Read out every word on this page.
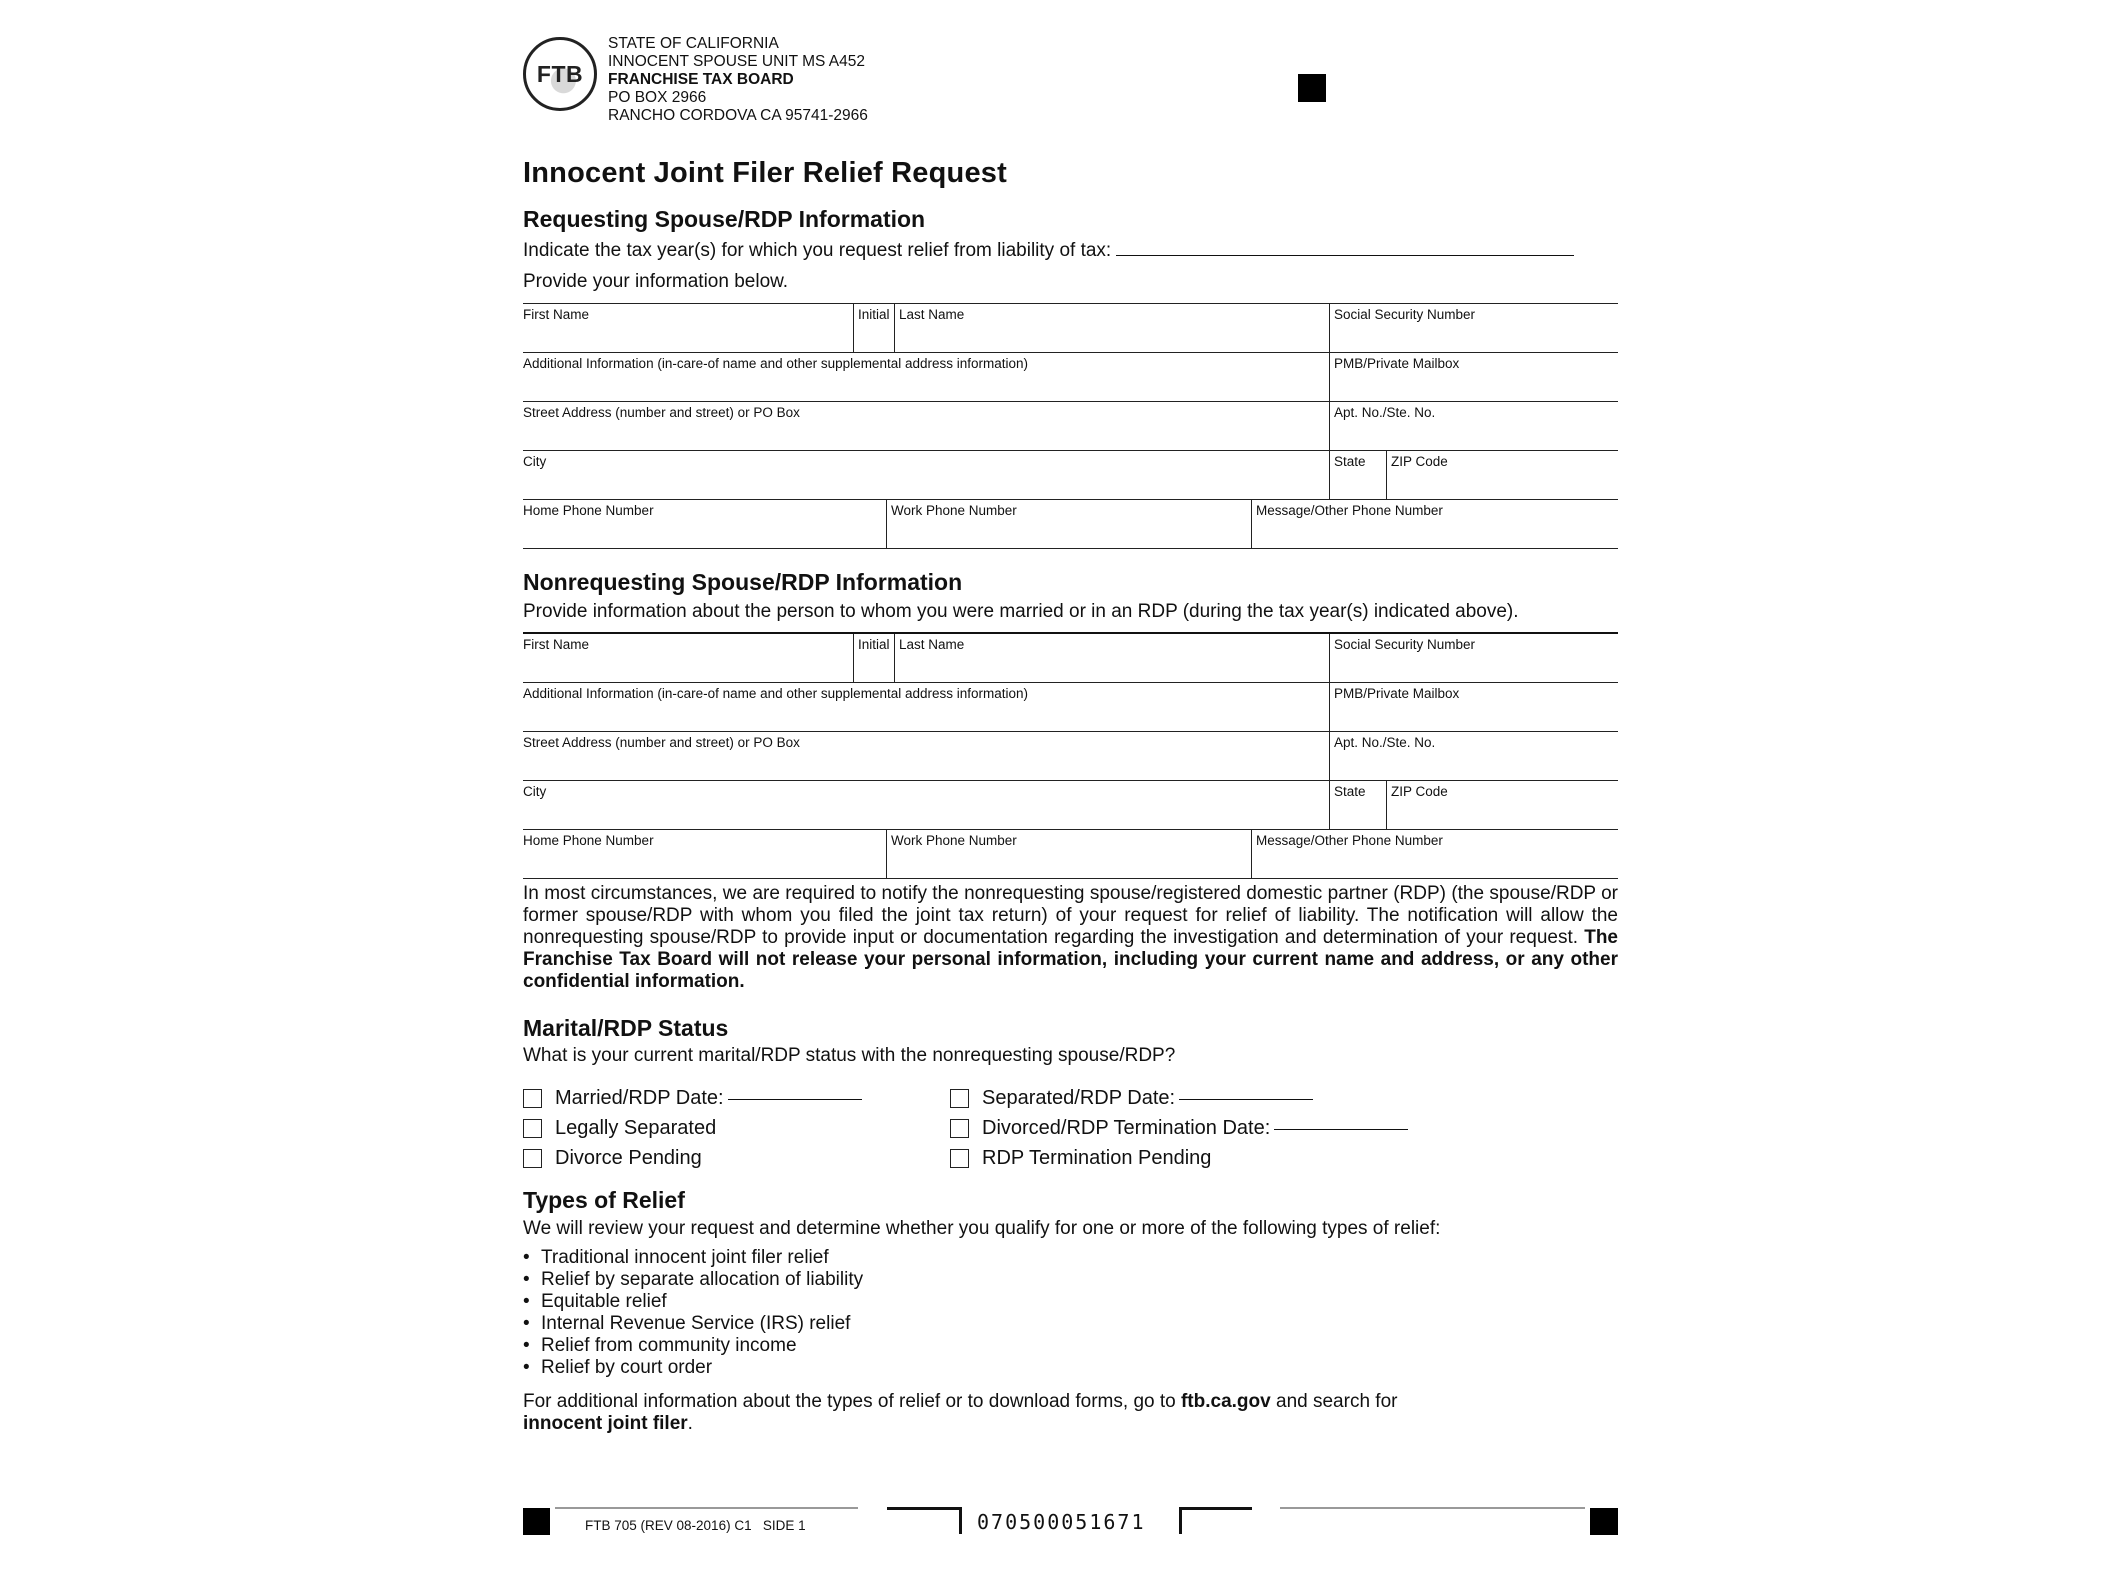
FTB
STATE OF CALIFORNIA
INNOCENT SPOUSE UNIT MS A452
FRANCHISE TAX BOARD
PO BOX 2966
RANCHO CORDOVA CA 95741-2966
Innocent Joint Filer Relief Request
Requesting Spouse/RDP Information
Indicate the tax year(s) for which you request relief from liability of tax:
Provide your information below.
First Name	Initial Last Name	Social Security Number
Additional Information (in-care-of name and other supplemental address information)	PMB/Private Mailbox
Street Address (number and street) or PO Box	Apt. No./Ste. No.
City	State	ZIP Code
Home Phone Number	Work Phone Number	Message/Other Phone Number
Nonrequesting Spouse/RDP Information
Provide information about the person to whom you were married or in an RDP (during the tax year(s) indicated above).
First Name	Initial Last Name	Social Security Number
Additional Information (in-care-of name and other supplemental address information)	PMB/Private Mailbox
Street Address (number and street) or PO Box	Apt. No./Ste. No.
City	State	ZIP Code
Home Phone Number	Work Phone Number	Message/Other Phone Number
In most circumstances, we are required to notify the nonrequesting spouse/registered domestic partner (RDP) (the spouse/RDP or former spouse/RDP with whom you filed the joint tax return) of your request for relief of liability. The notification will allow the nonrequesting spouse/RDP to provide input or documentation regarding the investigation and determination of your request. The Franchise Tax Board will not release your personal information, including your current name and address, or any other confidential information.
Marital/RDP Status
What is your current marital/RDP status with the nonrequesting spouse/RDP?
Married/RDP Date:
Legally Separated
Divorce Pending
Separated/RDP Date:
Divorced/RDP Termination Date:
RDP Termination Pending
Types of Relief
We will review your request and determine whether you qualify for one or more of the following types of relief:
• Traditional innocent joint filer relief
• Relief by separate allocation of liability
• Equitable relief
• Internal Revenue Service (IRS) relief
• Relief from community income
• Relief by court order
For additional information about the types of relief or to download forms, go to ftb.ca.gov and search for
innocent joint filer.
FTB 705 (REV 08-2016) C1 SIDE 1	070500051671
